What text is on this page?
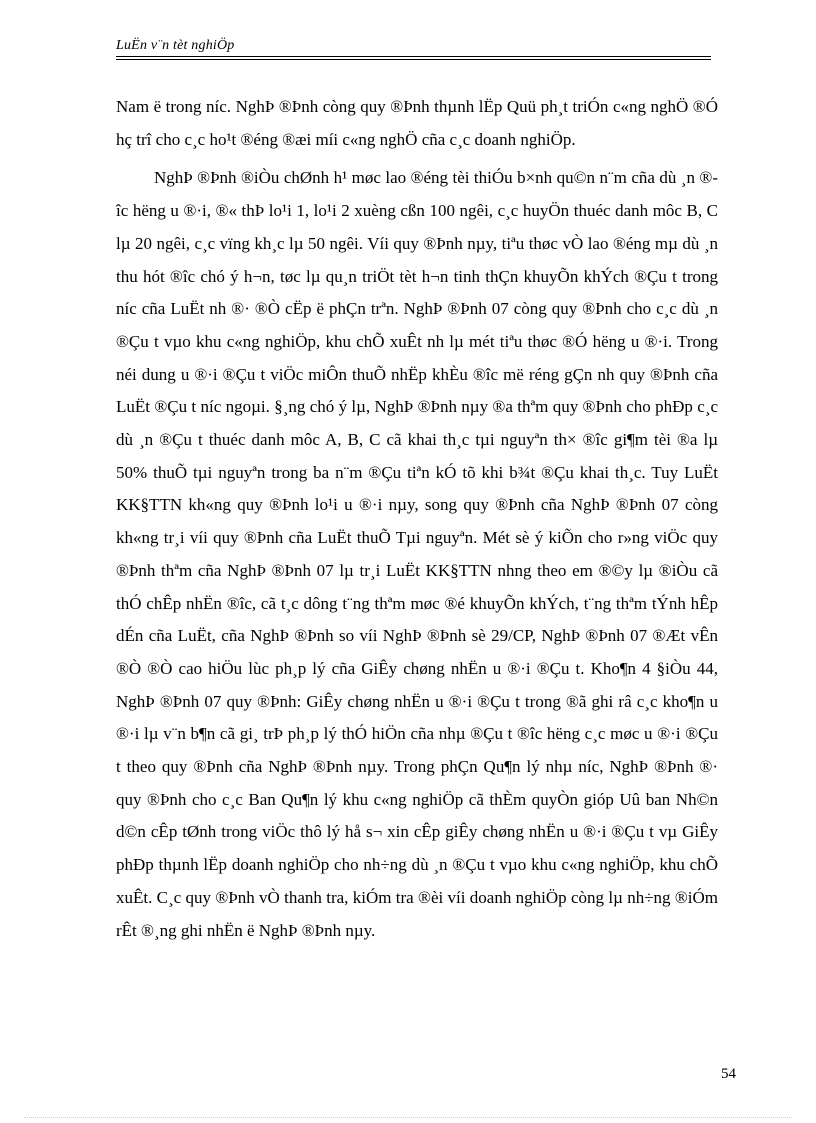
LuËn v¨n tèt nghiÖp

Nam ë trong níc. NghÞ ®Þnh còng quy ®Þnh thµnh lËp Quü ph¸t triÓn c«ng nghÖ ®Ó hç trî cho c¸c ho¹t ®éng ®æi míi c«ng nghÖ cña c¸c doanh nghiÖp.

NghÞ ®Þnh ®iÒu chØnh h¹ møc lao ®éng tèi thiÓu b×nh qu©n n¨m cña dù ¸n ®îc hëng u ®·i, ®« thÞ lo¹i 1, lo¹i 2 xuèng cßn 100 ngêi, c¸c huyÖn thuéc danh môc B, C lµ 20 ngêi, c¸c vïng kh¸c lµ 50 ngêi. Víi quy ®Þnh nµy, tiªu thøc vÒ lao ®éng mµ dù ¸n thu hót ®îc chó ý h¬n, tøc lµ qu¸n triÖt tèt h¬n tinh thÇn khuyÕn khÝch ®Çu t trong níc cña LuËt nh ®· ®Ò cËp ë phÇn trªn. NghÞ ®Þnh 07 còng quy ®Þnh cho c¸c dù ¸n ®Çu t vµo khu c«ng nghiÖp, khu chÕ xuÊt nh lµ mét tiªu thøc ®Ó hëng u ®·i. Trong néi dung u ®·i ®Çu t viÖc miÔn thuÕ nhËp khÈu ®îc më réng gÇn nh quy ®Þnh cña LuËt ®Çu t níc ngoµi. §¸ng chó ý lµ, NghÞ ®Þnh nµy ®a thªm quy ®Þnh cho phÐp c¸c dù ¸n ®Çu t thuéc danh môc A, B, C cã khai th¸c tµi nguyªn th× ®îc gi¶m tèi ®a lµ 50% thuÕ tµi nguyªn trong ba n¨m ®Çu tiªn kÓ tõ khi b¾t ®Çu khai th¸c. Tuy LuËt KK§TTN kh«ng quy ®Þnh lo¹i u ®·i nµy, song quy ®Þnh cña NghÞ ®Þnh 07 còng kh«ng tr¸i víi quy ®Þnh cña LuËt thuÕ Tµi nguyªn. Mét sè ý kiÕn cho r»ng viÖc quy ®Þnh thªm cña NghÞ ®Þnh 07 lµ tr¸i LuËt KK§TTN nhng theo em ®©y lµ ®iÒu cã thÓ chÊp nhËn ®îc, cã t¸c dông t¨ng thªm møc ®é khuyÕn khÝch, t¨ng thªm tÝnh hÊp dÉn cña LuËt, cña NghÞ ®Þnh so víi NghÞ ®Þnh sè 29/CP, NghÞ ®Þnh 07 ®Æt vÊn ®Ò ®Ò cao hiÖu lùc ph¸p lý cña GiÊy chøng nhËn u ®·i ®Çu t. Kho¶n 4 §iÒu 44, NghÞ ®Þnh 07 quy ®Þnh: GiÊy chøng nhËn u ®·i ®Çu t trong ®ã ghi râ c¸c kho¶n u ®·i lµ v¨n b¶n cã gi¸ trÞ ph¸p lý thÓ hiÖn cña nhµ ®Çu t ®îc hëng c¸c møc u ®·i ®Çu t theo quy ®Þnh cña NghÞ ®Þnh nµy. Trong phÇn Qu¶n lý nhµ níc, NghÞ ®Þnh ®· quy ®Þnh cho c¸c Ban Qu¶n lý khu c«ng nghiÖp cã thÈm quyÒn gióp Uû ban Nh©n d©n cÊp tØnh trong viÖc thô lý hå s¬ xin cÊp giÊy chøng nhËn u ®·i ®Çu t vµ GiÊy phÐp thµnh lËp doanh nghiÖp cho nh÷ng dù ¸n ®Çu t vµo khu c«ng nghiÖp, khu chÕ xuÊt. C¸c quy ®Þnh vÒ thanh tra, kiÓm tra ®èi víi doanh nghiÖp còng lµ nh÷ng ®iÓm rÊt ®¸ng ghi nhËn ë NghÞ ®Þnh nµy.

54
